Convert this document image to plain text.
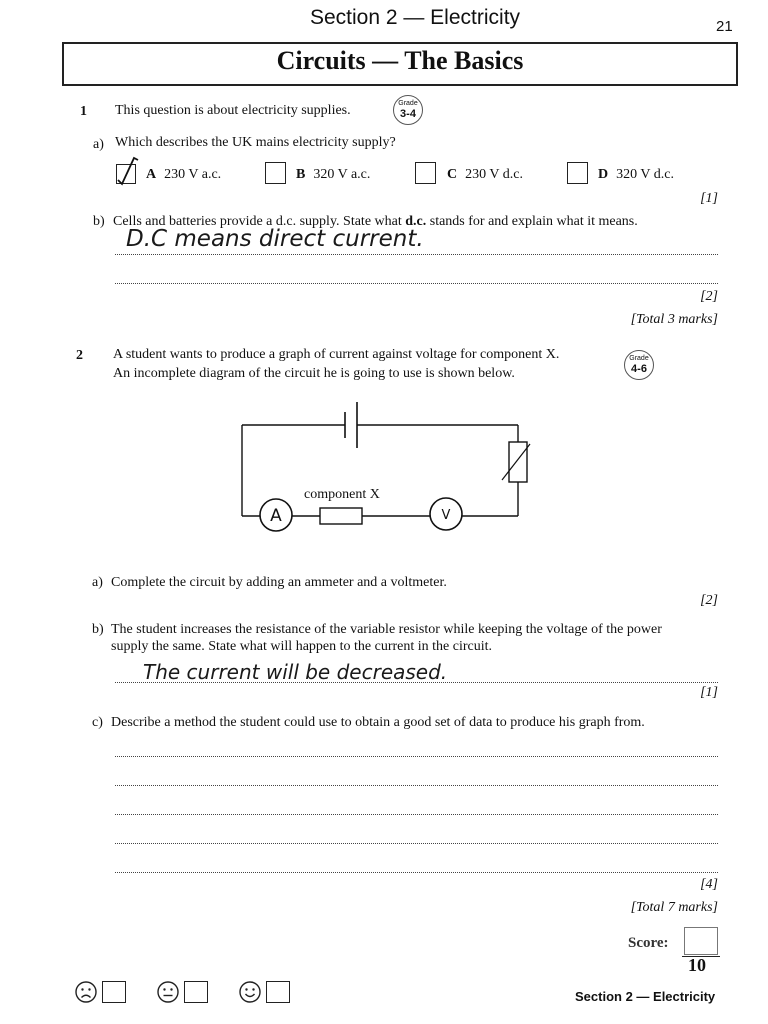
Section 2 — Electricity	21
Circuits — The Basics
1 This question is about electricity supplies.	Grade
3-4
a) Which describes the UK mains electricity supply?
A 230 V a.c.	B 320 V a.c.	C 230 V d.c.	D 320 V d.c.
[1]
b) Cells and batteries provide a d.c. supply. State what d.c. stands for and explain what it means.
D.C means direct current.
[2]
[Total 3 marks]
2 A student wants to produce a graph of current against voltage for component X.
An incomplete diagram of the circuit he is going to use is shown below.
Grade
4-6
A	V
component X
a) Complete the circuit by adding an ammeter and a voltmeter.
[2]
b) The student increases the resistance of the variable resistor while keeping the voltage of the power
supply the same. State what will happen to the current in the circuit.
The current will be decreased.
[1]
c) Describe a method the student could use to obtain a good set of data to produce his graph from.
[4]
[Total 7 marks]
Score:
10
Section 2 — Electricity
